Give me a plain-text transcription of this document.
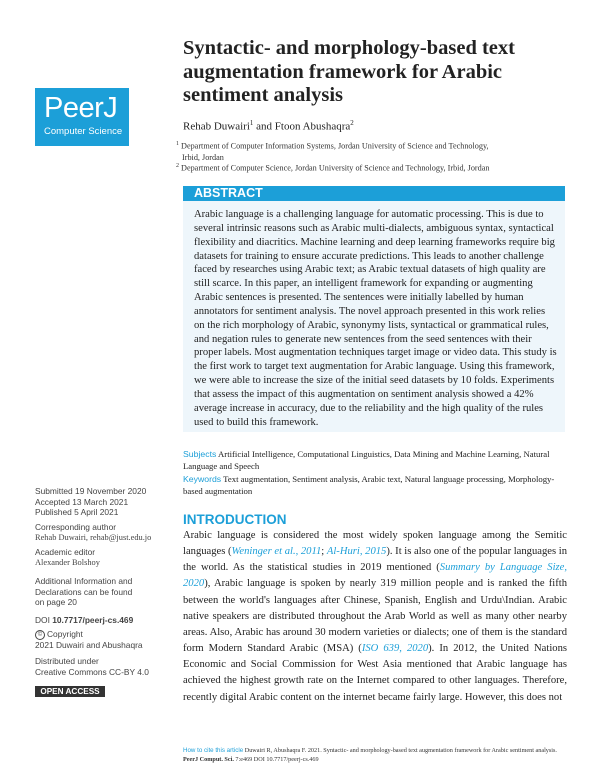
PeerJ
Computer Science
Syntactic- and morphology-based text augmentation framework for Arabic sentiment analysis
Rehab Duwairi$^1$ and Ftoon Abushaqra$^2$
$^1$ Department of Computer Information Systems, Jordan University of Science and Technology,
Irbid, Jordan
$^2$ Department of Computer Science, Jordan University of Science and Technology, Irbid, Jordan
ABSTRACT
Arabic language is a challenging language for automatic processing. This is due to several intrinsic reasons such as Arabic multi-dialects, ambiguous syntax, syntactical flexibility and diacritics. Machine learning and deep learning frameworks require big datasets for training to ensure accurate predictions. This leads to another challenge faced by researches using Arabic text; as Arabic textual datasets of high quality are still scarce. In this paper, an intelligent framework for expanding or augmenting Arabic sentences is presented. The sentences were initially labelled by human annotators for sentiment analysis. The novel approach presented in this work relies on the rich morphology of Arabic, synonymy lists, syntactical or grammatical rules, and negation rules to generate new sentences from the seed sentences with their proper labels. Most augmentation techniques target image or video data. This study is the first work to target text augmentation for Arabic language. Using this framework, we were able to increase the size of the initial seed datasets by 10 folds. Experiments that assess the impact of this augmentation on sentiment analysis showed a 42% average increase in accuracy, due to the reliability and the high quality of the rules used to build this framework.
Subjects Artificial Intelligence, Computational Linguistics, Data Mining and Machine Learning, Natural Language and Speech
Keywords Text augmentation, Sentiment analysis, Arabic text, Natural language processing, Morphology-based augmentation
Submitted 19 November 2020
Accepted 13 March 2021
Published 5 April 2021
Corresponding author
Rehab Duwairi, rehab@just.edu.jo
Academic editor
Alexander Bolshoy
Additional Information and Declarations can be found on page 20
DOI 10.7717/peerj-cs.469
© Copyright
2021 Duwairi and Abushaqra
Distributed under
Creative Commons CC-BY 4.0
OPEN ACCESS
INTRODUCTION
Arabic language is considered the most widely spoken language among the Semitic languages (Weninger et al., 2011; Al-Huri, 2015). It is also one of the popular languages in the world. As the statistical studies in 2019 mentioned (Summary by Language Size, 2020), Arabic language is spoken by nearly 319 million people and is ranked the fifth between the world's languages after Chinese, Spanish, English and Urdu\Indian. Arabic native speakers are distributed throughout the Arab World as well as many other nearby areas. Also, Arabic has around 30 modern varieties or dialects; one of them is the standard form Modern Standard Arabic (MSA) (ISO 639, 2020). In 2012, the United Nations Economic and Social Commission for West Asia mentioned that Arabic language has achieved the highest growth rate on the Internet compared to other languages. Therefore, recently digital Arabic content on the internet became fairly large. However, this does not
How to cite this article Duwairi R, Abushaqra F. 2021. Syntactic- and morphology-based text augmentation framework for Arabic sentiment analysis. PeerJ Comput. Sci. 7:e469 DOI 10.7717/peerj-cs.469
